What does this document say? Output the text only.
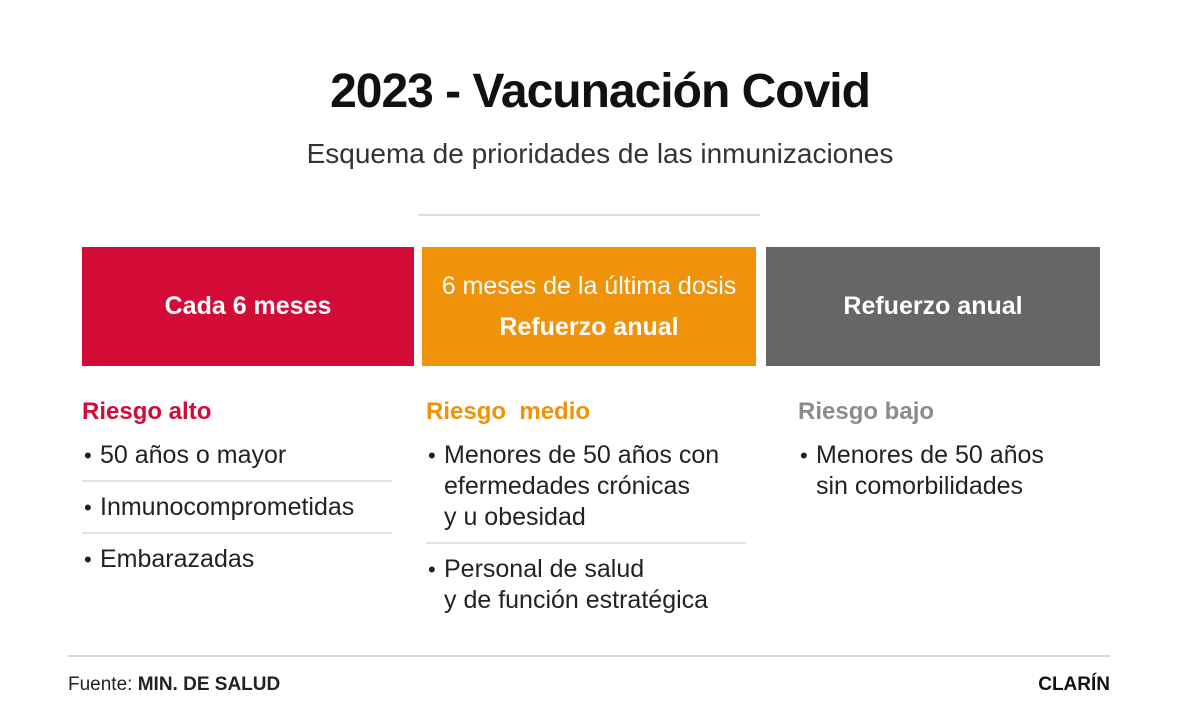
2023 - Vacunación Covid
Esquema de prioridades de las inmunizaciones
Cada 6 meses
Riesgo alto
• 50 años o mayor
• Inmunocomprometidas
• Embarazadas
6 meses de la última dosis
Refuerzo anual
Riesgo  medio
• Menores de 50 años con
efermedades crónicas
y u obesidad
• Personal de salud
y de función estratégica
Refuerzo anual
Riesgo bajo
• Menores de 50 años
sin comorbilidades
Fuente: MIN. DE SALUD	CLARÍN
